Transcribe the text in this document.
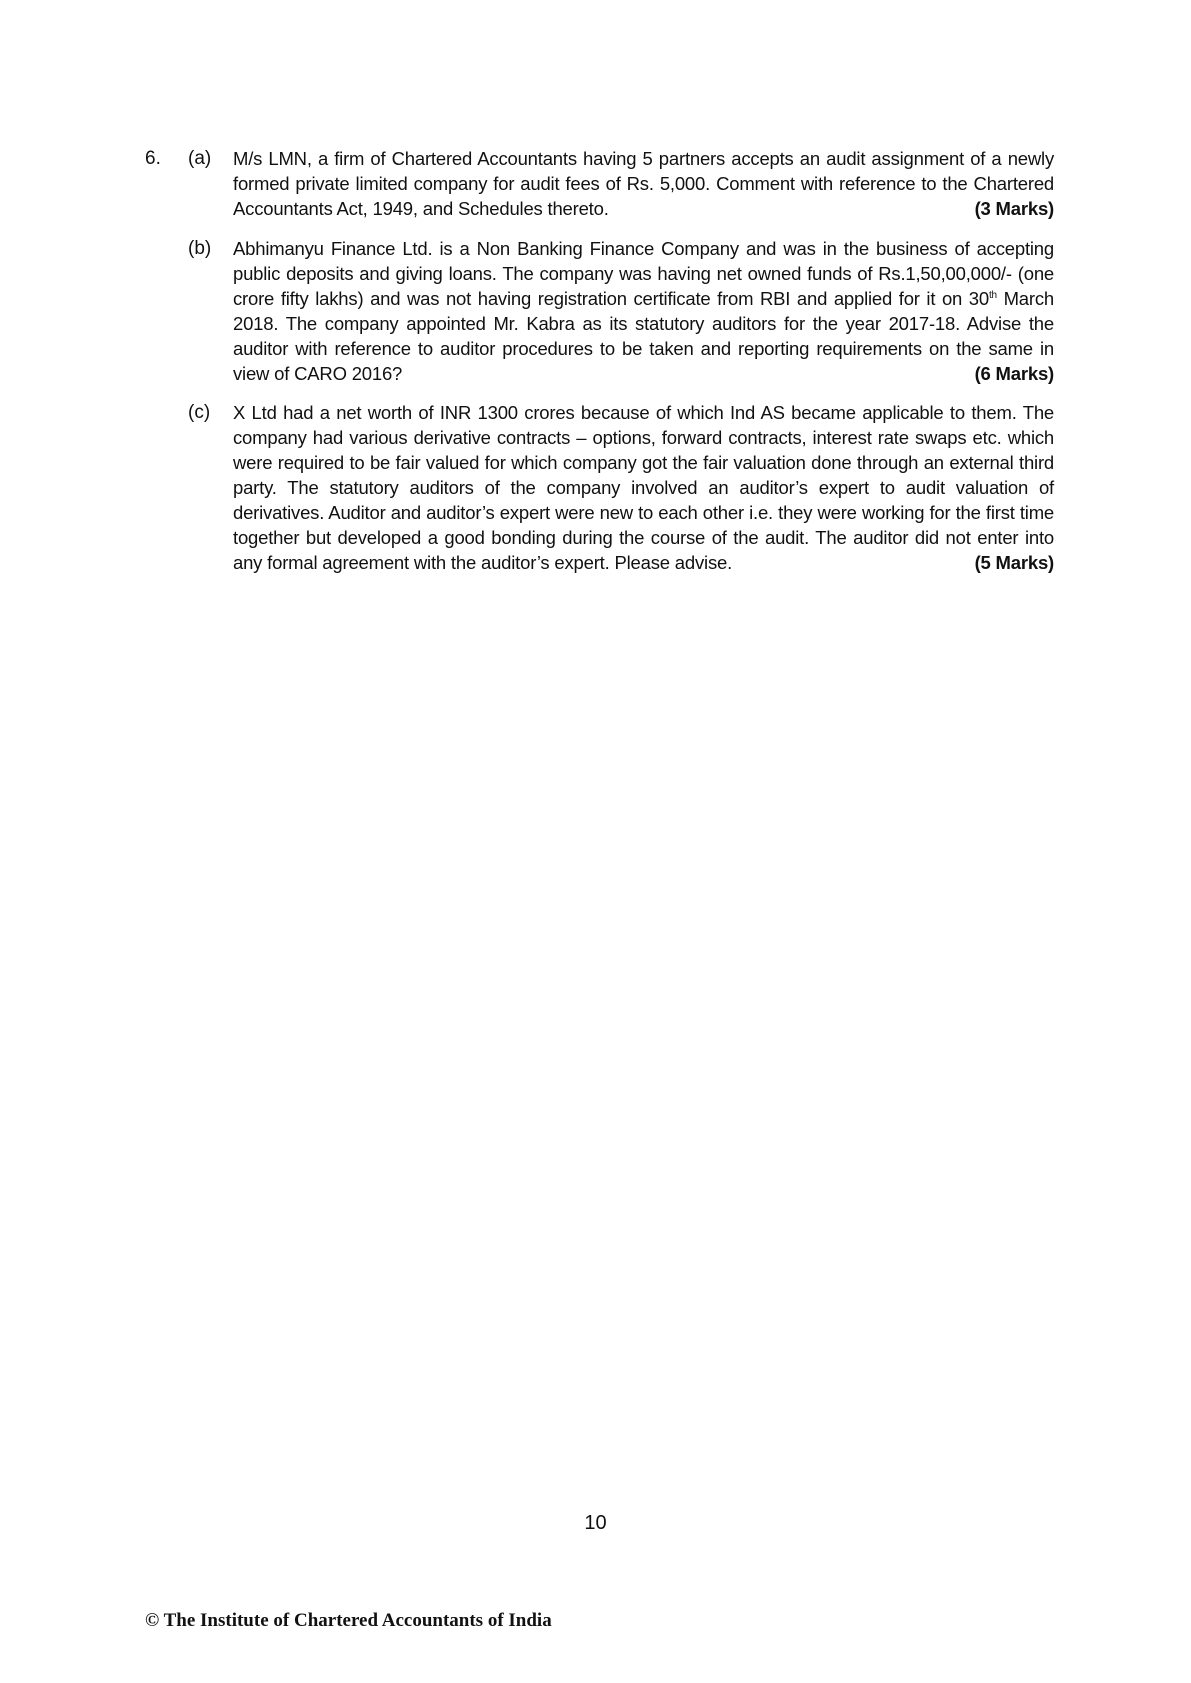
6. (a) M/s LMN, a firm of Chartered Accountants having 5 partners accepts an audit assignment of a newly formed private limited company for audit fees of Rs. 5,000. Comment with reference to the Chartered Accountants Act, 1949, and Schedules thereto.	(3 Marks)
(b) Abhimanyu Finance Ltd. is a Non Banking Finance Company and was in the business of accepting public deposits and giving loans. The company was having net owned funds of Rs.1,50,00,000/- (one crore fifty lakhs) and was not having registration certificate from RBI and applied for it on 30th March 2018. The company appointed Mr. Kabra as its statutory auditors for the year 2017-18. Advise the auditor with reference to auditor procedures to be taken and reporting requirements on the same in view of CARO 2016?	(6 Marks)
(c) X Ltd had a net worth of INR 1300 crores because of which Ind AS became applicable to them. The company had various derivative contracts – options, forward contracts, interest rate swaps etc. which were required to be fair valued for which company got the fair valuation done through an external third party. The statutory auditors of the company involved an auditor’s expert to audit valuation of derivatives. Auditor and auditor’s expert were new to each other i.e. they were working for the first time together but developed a good bonding during the course of the audit. The auditor did not enter into any formal agreement with the auditor’s expert. Please advise.	(5 Marks)
10
© The Institute of Chartered Accountants of India
